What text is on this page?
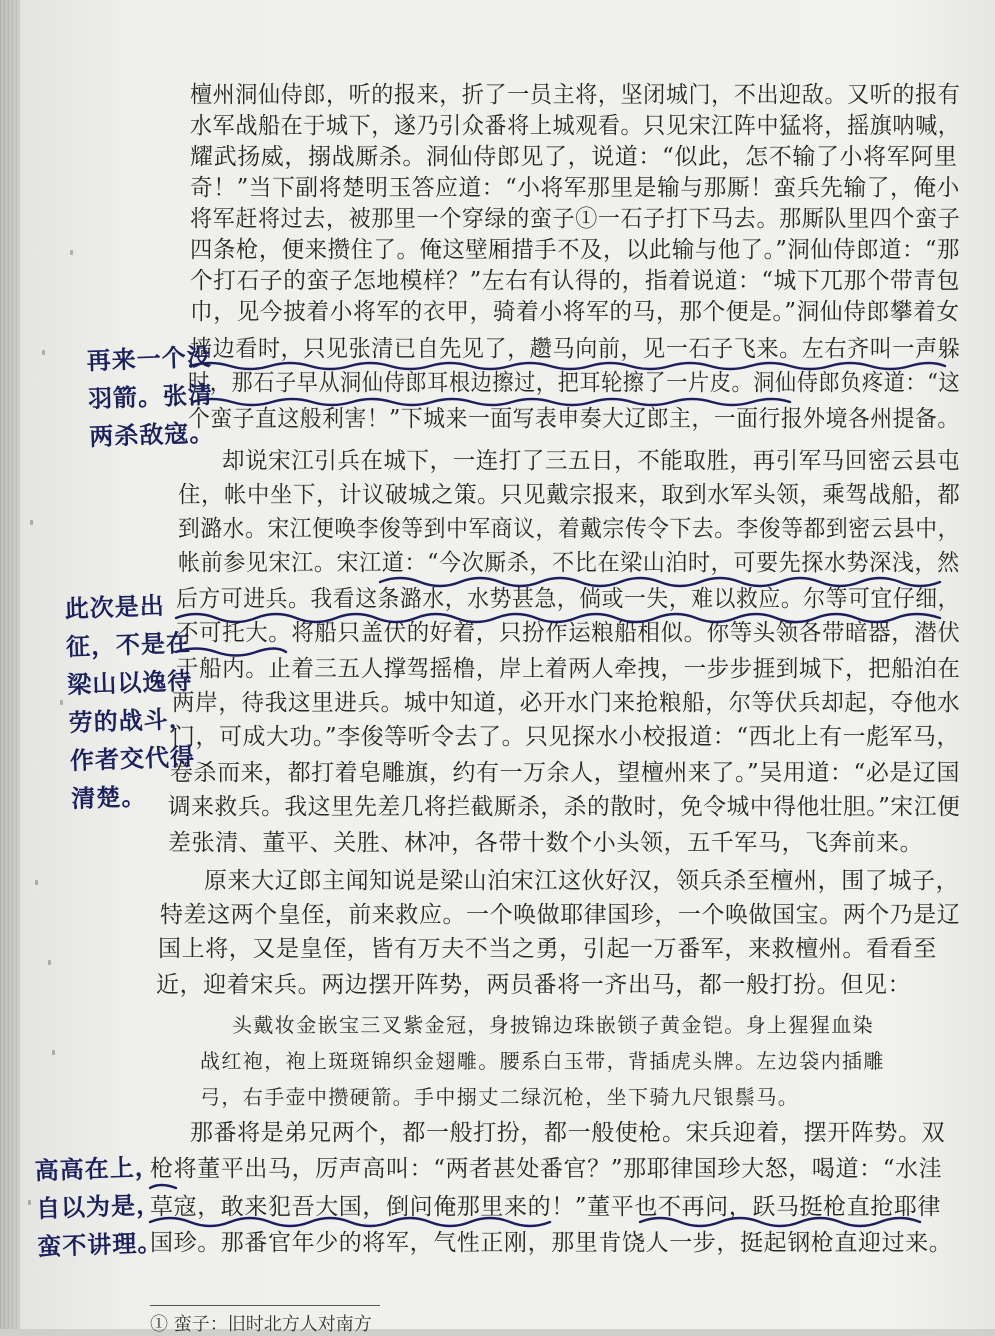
檀州洞仙侍郎，听的报来，折了一员主将，坚闭城门，不出迎敌。又听的报有
水军战船在于城下，遂乃引众番将上城观看。只见宋江阵中猛将，摇旗呐喊，
耀武扬威，搦战厮杀。洞仙侍郎见了，说道：“似此，怎不输了小将军阿里
奇！”当下副将楚明玉答应道：“小将军那里是输与那厮！蛮兵先输了，俺小
将军赶将过去，被那里一个穿绿的蛮子①一石子打下马去。那厮队里四个蛮子
四条枪，便来攒住了。俺这壁厢措手不及，以此输与他了。”洞仙侍郎道：“那
个打石子的蛮子怎地模样？”左右有认得的，指着说道：“城下兀那个带青包
巾，见今披着小将军的衣甲，骑着小将军的马，那个便是。”洞仙侍郎攀着女
墙边看时，只见张清已自先见了，趱马向前，见一石子飞来。左右齐叫一声躲
时，那石子早从洞仙侍郎耳根边擦过，把耳轮擦了一片皮。洞仙侍郎负疼道：“这
个蛮子直这般利害！”下城来一面写表申奏大辽郎主，一面行报外境各州提备。
却说宋江引兵在城下，一连打了三五日，不能取胜，再引军马回密云县屯
住，帐中坐下，计议破城之策。只见戴宗报来，取到水军头领，乘驾战船，都
到潞水。宋江便唤李俊等到中军商议，着戴宗传令下去。李俊等都到密云县中，
帐前参见宋江。宋江道：“今次厮杀，不比在梁山泊时，可要先探水势深浅，然
后方可进兵。我看这条潞水，水势甚急，倘或一失，难以救应。尔等可宜仔细，
不可托大。将船只盖伏的好着，只扮作运粮船相似。你等头领各带暗器，潜伏
于船内。止着三五人撑驾摇橹，岸上着两人牵拽，一步步捱到城下，把船泊在
两岸，待我这里进兵。城中知道，必开水门来抢粮船，尔等伏兵却起，夺他水
门，可成大功。”李俊等听令去了。只见探水小校报道：“西北上有一彪军马，
卷杀而来，都打着皂雕旗，约有一万余人，望檀州来了。”吴用道：“必是辽国
调来救兵。我这里先差几将拦截厮杀，杀的散时，免令城中得他壮胆。”宋江便
差张清、董平、关胜、林冲，各带十数个小头领，五千军马，飞奔前来。
原来大辽郎主闻知说是梁山泊宋江这伙好汉，领兵杀至檀州，围了城子，
特差这两个皇侄，前来救应。一个唤做耶律国珍，一个唤做国宝。两个乃是辽
国上将，又是皇侄，皆有万夫不当之勇，引起一万番军，来救檀州。看看至
近，迎着宋兵。两边摆开阵势，两员番将一齐出马，都一般打扮。但见：
头戴妆金嵌宝三叉紫金冠，身披锦边珠嵌锁子黄金铠。身上猩猩血染
战红袍，袍上斑斑锦织金翅雕。腰系白玉带，背插虎头牌。左边袋内插雕
弓，右手壶中攒硬箭。手中搦丈二绿沉枪，坐下骑九尺银鬃马。
那番将是弟兄两个，都一般打扮，都一般使枪。宋兵迎着，摆开阵势。双
枪将董平出马，厉声高叫：“两者甚处番官？”那耶律国珍大怒，喝道：“水洼
草寇，敢来犯吾大国，倒问俺那里来的！”董平也不再问，跃马挺枪直抢耶律
国珍。那番官年少的将军，气性正刚，那里肯饶人一步，挺起钢枪直迎过来。
再来一个没
羽箭。张清
两杀敌寇。
此次是出
征，不是在
梁山以逸待
劳的战斗，
作者交代得
清楚。
高高在上，
自以为是，
蛮不讲理。
① 蛮子：旧时北方人对南方
